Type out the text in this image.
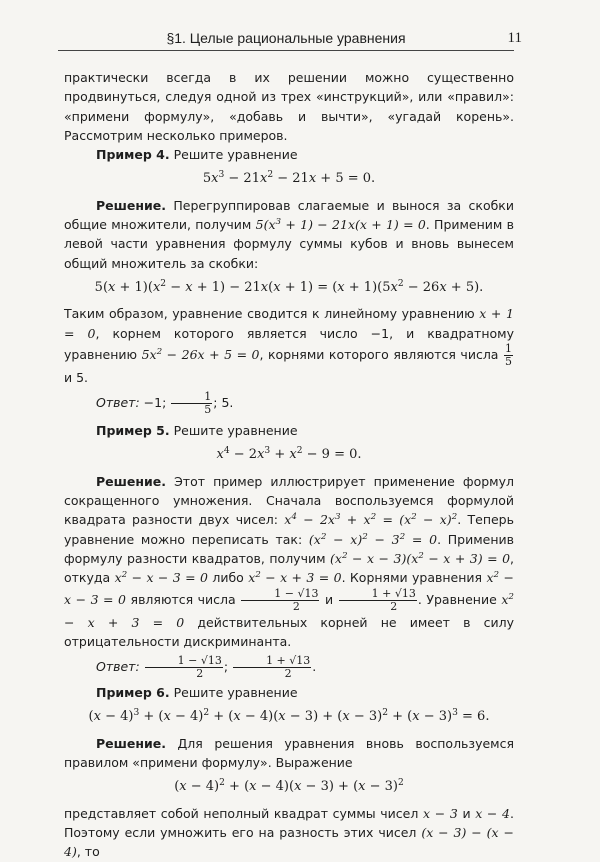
§1. Целые рациональные уравнения	11

практически всегда в их решении можно существенно продвинуться, следуя одной из трех «инструкций», или «правил»: «примени формулу», «добавь и вычти», «угадай корень». Рассмотрим несколько примеров.

Пример 4. Решите уравнение

$5x^3 - 21x^2 - 21x + 5 = 0$.

Решение. Перегруппировав слагаемые и вынося за скобки общие множители, получим $5(x^3 + 1) - 21x(x + 1) = 0$. Применим в левой части уравнения формулу суммы кубов и вновь вынесем общий множитель за скобки:

$5(x + 1)(x^2 - x + 1) - 21x(x + 1) = (x + 1)(5x^2 - 26x + 5)$.

Таким образом, уравнение сводится к линейному уравнению x + 1 = 0, корнем которого является число −1, и квадратному уравнению $5x^2 - 26x + 5 = 0$, корнями которого являются числа $\frac{1}{5}$
и 5.

Ответ: −1; $\frac{1}{5}$ ; 5.

Пример 5. Решите уравнение

$x^4 - 2x^3 + x^2 - 9 = 0$.

Решение. Этот пример иллюстрирует применение формул сокращенного умножения. Сначала воспользуемся формулой квадрата разности двух чисел: $x^4 - 2x^3 + x^2 = (x^2 - x)^2$. Теперь уравнение можно переписать так: $(x^2 - x)^2 - 3^2 = 0$. Применив формулу разности квадратов, получим $(x^2 - x - 3)(x^2 - x + 3) = 0$, откуда $x^2 - x - 3 = 0$ либо $x^2 - x + 3 = 0$. Корнями уравнения $x^2 - x - 3 = 0$ являются числа $\frac{1 - √13}{2}$ и $\frac{1 + √13}{2}$ . Уравнение $x^2 - x + 3 = 0$ действительных корней не имеет в силу отрицательности дискриминанта.

Ответ: $\frac{1 - √13}{2}$ ; $\frac{1 + √13}{2}$ .

Пример 6. Решите уравнение

$(x - 4)^3 + (x - 4)^2 + (x - 4)(x - 3) + (x - 3)^2 + (x - 3)^3 = 6$.

Решение. Для решения уравнения вновь воспользуемся правилом «примени формулу». Выражение

$(x - 4)^2 + (x - 4)(x - 3) + (x - 3)^2$

представляет собой неполный квадрат суммы чисел x − 3 и x − 4. Поэтому если умножить его на разность этих чисел (x − 3) − (x − 4), то
